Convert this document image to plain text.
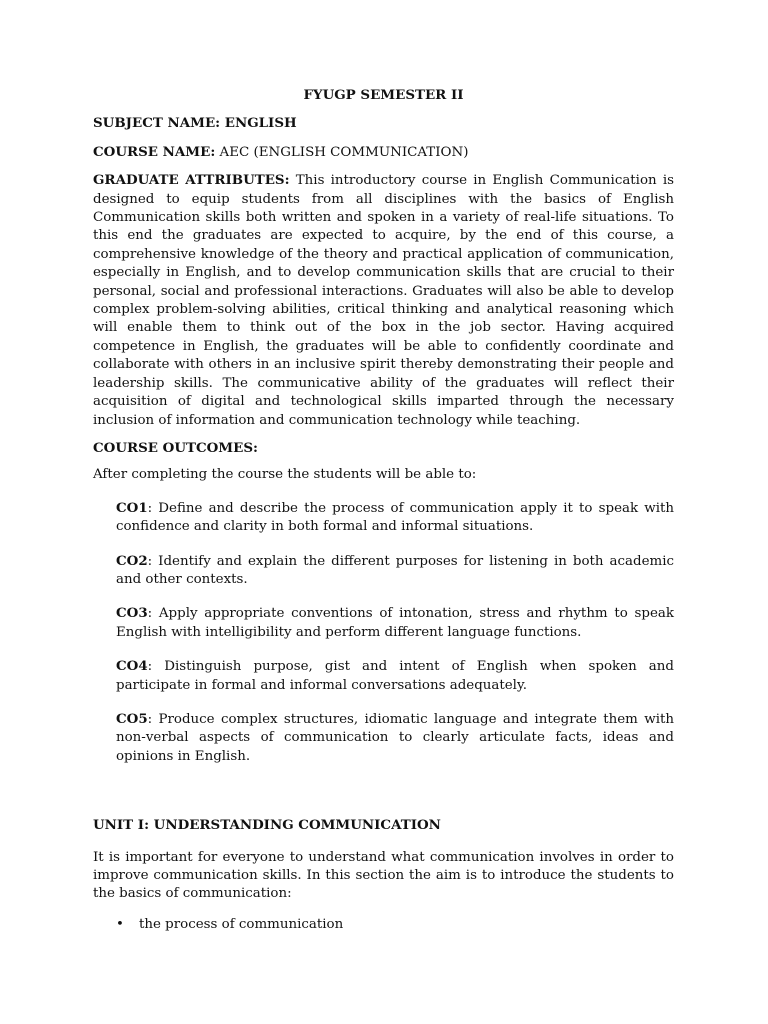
FYUGP SEMESTER II
SUBJECT NAME: ENGLISH
COURSE NAME: AEC (ENGLISH COMMUNICATION)
GRADUATE ATTRIBUTES: This introductory course in English Communication is designed to equip students from all disciplines with the basics of English Communication skills both written and spoken in a variety of real-life situations. To this end the graduates are expected to acquire, by the end of this course, a comprehensive knowledge of the theory and practical application of communication, especially in English, and to develop communication skills that are crucial to their personal, social and professional interactions. Graduates will also be able to develop complex problem-solving abilities, critical thinking and analytical reasoning which will enable them to think out of the box in the job sector. Having acquired competence in English, the graduates will be able to confidently coordinate and collaborate with others in an inclusive spirit thereby demonstrating their people and leadership skills. The communicative ability of the graduates will reflect their acquisition of digital and technological skills imparted through the necessary inclusion of information and communication technology while teaching.
COURSE OUTCOMES:
After completing the course the students will be able to:
CO1: Define and describe the process of communication apply it to speak with confidence and clarity in both formal and informal situations.
CO2: Identify and explain the different purposes for listening in both academic and other contexts.
CO3: Apply appropriate conventions of intonation, stress and rhythm to speak English with intelligibility and perform different language functions.
CO4: Distinguish purpose, gist and intent of English when spoken and participate in formal and informal conversations adequately.
CO5: Produce complex structures, idiomatic language and integrate them with non-verbal aspects of communication to clearly articulate facts, ideas and opinions in English.
UNIT I: UNDERSTANDING COMMUNICATION
It is important for everyone to understand what communication involves in order to improve communication skills. In this section the aim is to introduce the students to the basics of communication:
• the process of communication
